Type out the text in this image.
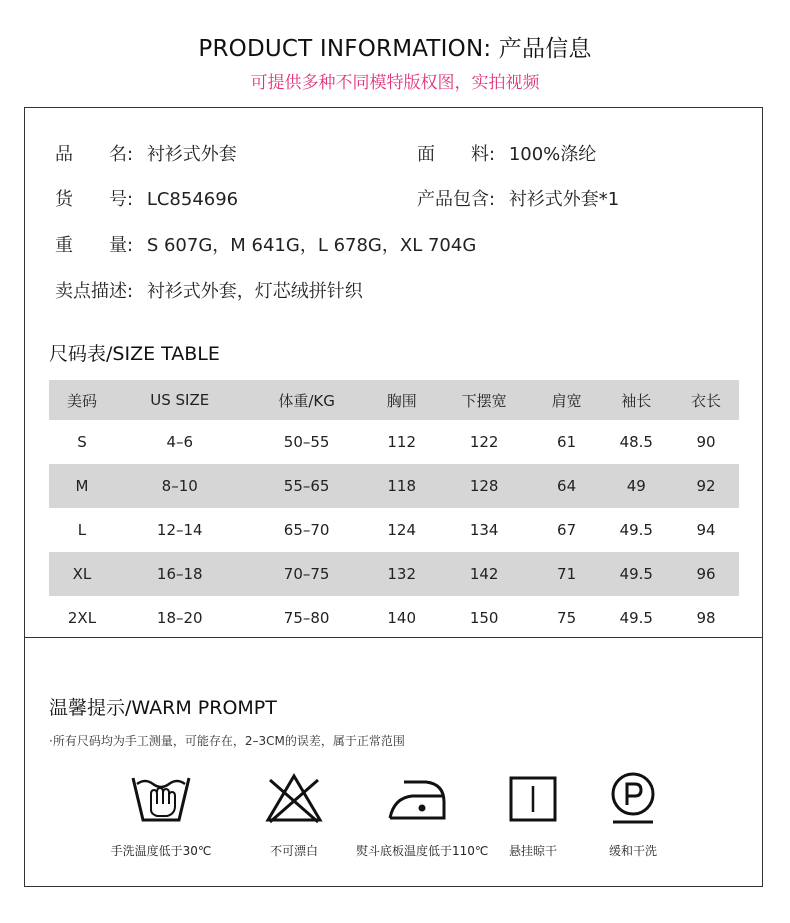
PRODUCT INFORMATION: 产品信息
可提供多种不同模特版权图，实拍视频
品　　名: 衬衫式外套	面　　料: 100%涤纶
货　　号: LC854696	产品包含: 衬衫式外套*1
重　　量: S 607G，M 641G，L 678G，XL 704G
卖点描述: 衬衫式外套，灯芯绒拼针织
尺码表/SIZE TABLE
美码	US SIZE	体重/KG	胸围	下摆宽	肩宽	袖长	衣长
S	4–6	50–55	112	122	61	48.5	90
M	8–10	55–65	118	128	64	49	92
L	12–14	65–70	124	134	67	49.5	94
XL	16–18	70–75	132	142	71	49.5	96
2XL	18–20	75–80	140	150	75	49.5	98
温馨提示/WARM PROMPT
·所有尺码均为手工测量，可能存在，2–3CM的误差，属于正常范围
手洗温度低于30℃	不可漂白	熨斗底板温度低于110℃	悬挂晾干	缓和干洗
